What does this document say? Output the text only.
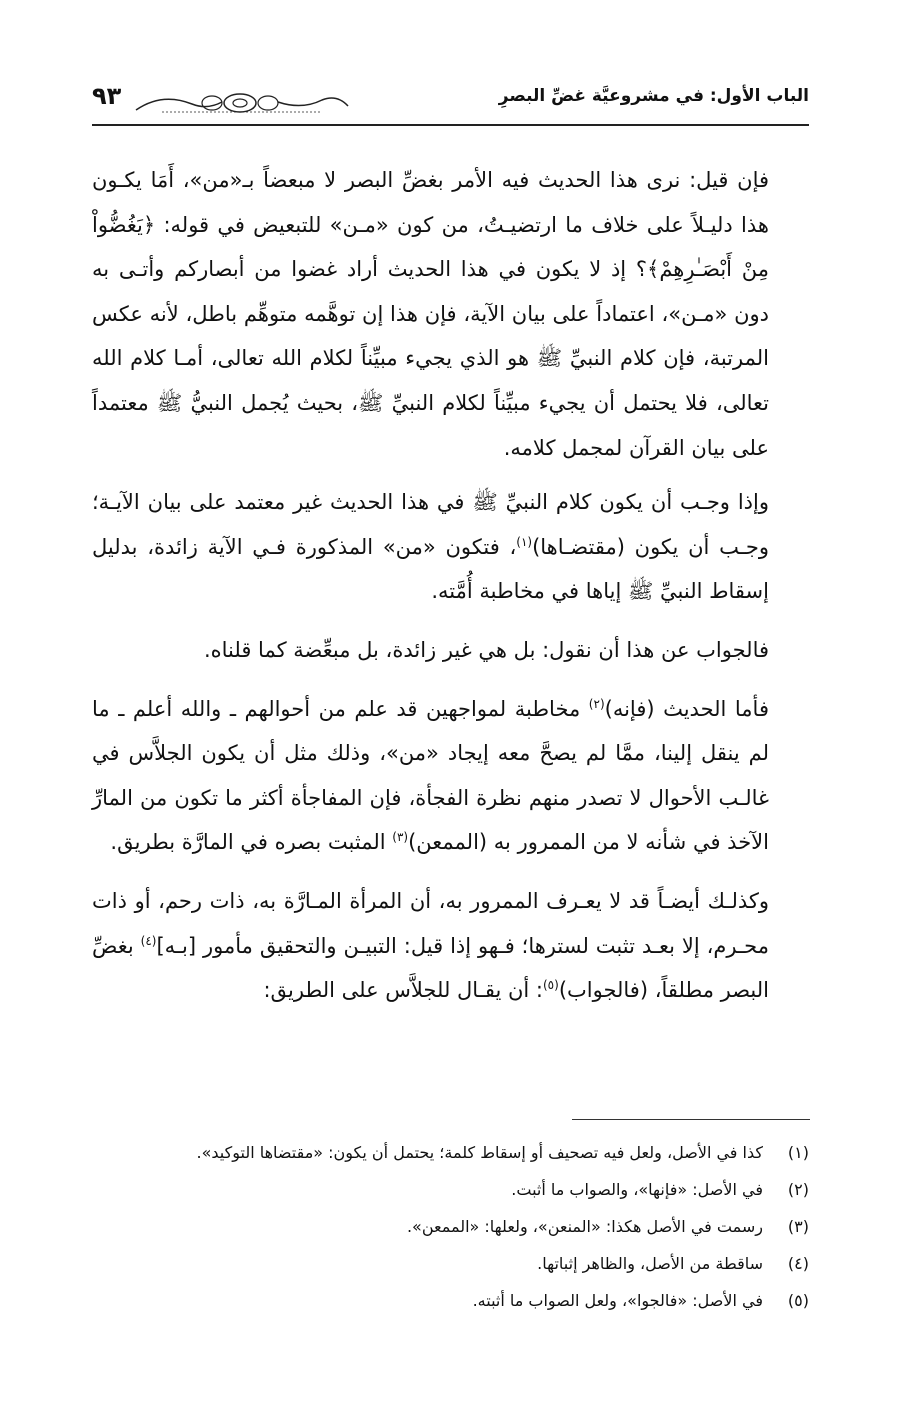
الباب الأول: في مشروعيَّة غضِّ البصرِ
٩٣

فإن قيل: نرى هذا الحديث فيه الأمر بغضِّ البصر لا مبعضاً بـ«من»، أَمَا يكـون هذا دليـلاً على خلاف ما ارتضيـتُ، من كون «مـن» للتبعيض في قوله: ﴿يَغُضُّواْ مِنْ أَبْصَـٰرِهِمْ﴾؟ إذ لا يكون في هذا الحديث أراد غضوا من أبصاركم وأتـى به دون «مـن»، اعتماداً على بيان الآية، فإن هذا إن توهَّمه متوهِّم باطل، لأنه عكس المرتبة، فإن كلام النبيِّ ﷺ هو الذي يجيء مبيِّناً لكلام الله تعالى، أمـا كلام الله تعالى، فلا يحتمل أن يجيء مبيِّناً لكلام النبيِّ ﷺ، بحيث يُجمل النبيُّ ﷺ معتمداً على بيان القرآن لمجمل كلامه.

وإذا وجـب أن يكون كلام النبيِّ ﷺ في هذا الحديث غير معتمد على بيان الآيـة؛ وجـب أن يكون (مقتضـاها)$^{(١)}$، فتكون «من» المذكورة فـي الآية زائدة، بدليل إسقاط النبيِّ ﷺ إياها في مخاطبة أُمَّته.

فالجواب عن هذا أن نقول: بل هي غير زائدة، بل مبعِّضة كما قلناه.

فأما الحديث (فإنه)$^{(٢)}$ مخاطبة لمواجهين قد علم من أحوالهم ـ والله أعلم ـ ما لم ينقل إلينا، ممَّا لم يصحَّ معه إيجاد «من»، وذلك مثل أن يكون الجلاَّس في غالـب الأحوال لا تصدر منهم نظرة الفجأة، فإن المفاجأة أكثر ما تكون من المارِّ الآخذ في شأنه لا من الممرور به (الممعن)$^{(٣)}$ المثبت بصره في المارَّة بطريق.

وكذلـك أيضـاً قد لا يعـرف الممرور به، أن المرأة المـارَّة به، ذات رحم، أو ذات محـرم، إلا بعـد تثبت لسترها؛ فـهو إذا قيل: التبيـن والتحقيق مأمور [بـه]$^{(٤)}$ بغضِّ البصر مطلقاً، (فالجواب)$^{(٥)}$: أن يقـال للجلاَّس على الطريق:

(١)كذا في الأصل، ولعل فيه تصحيف أو إسقاط كلمة؛ يحتمل أن يكون: «مقتضاها التوكيد».
(٢)في الأصل: «فإنها»، والصواب ما أثبت.
(٣)رسمت في الأصل هكذا: «المنعن»، ولعلها: «الممعن».
(٤)ساقطة من الأصل، والظاهر إثباتها.
(٥)في الأصل: «فالجوا»، ولعل الصواب ما أثبته.
